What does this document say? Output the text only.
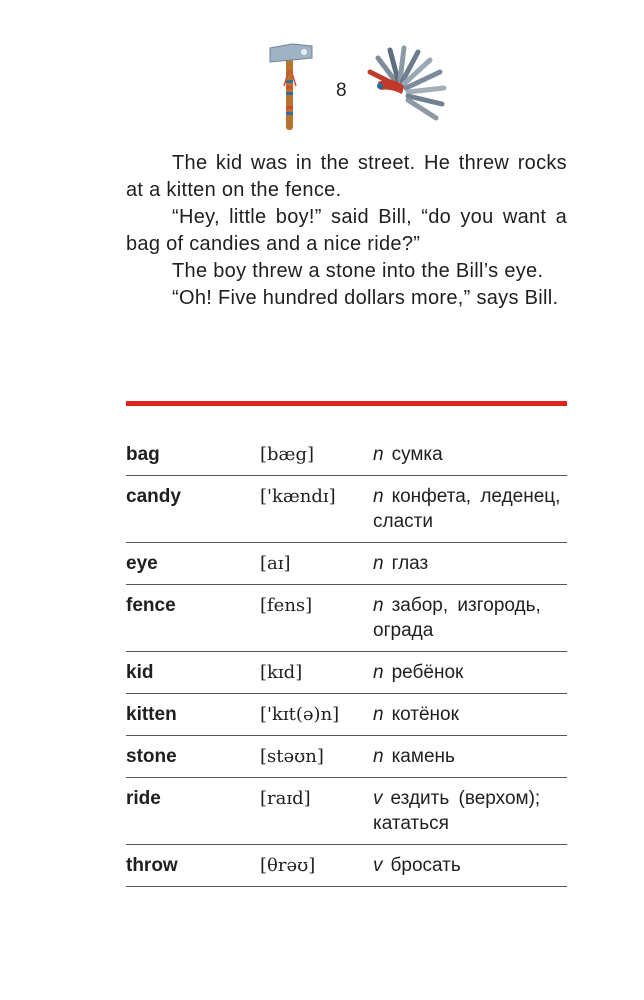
8

The kid was in the street. He threw rocks at a kitten on the fence.

“Hey, little boy!” said Bill, “do you want a bag of candies and a nice ride?”

The boy threw a stone into the Bill’s eye.

“Oh! Five hundred dollars more,” says Bill.

bag	[bæg]	n сумка
candy	['kændɪ]	n конфета, леденец, сласти
eye	[aɪ]	n глаз
fence	[fens]	n забор, изгородь, ограда
kid	[kɪd]	n ребёнок
kitten	['kɪt(ə)n]	n котёнок
stone	[stəʊn]	n камень
ride	[raɪd]	v ездить (верхом); кататься
throw	[θrəʊ]	v бросать
